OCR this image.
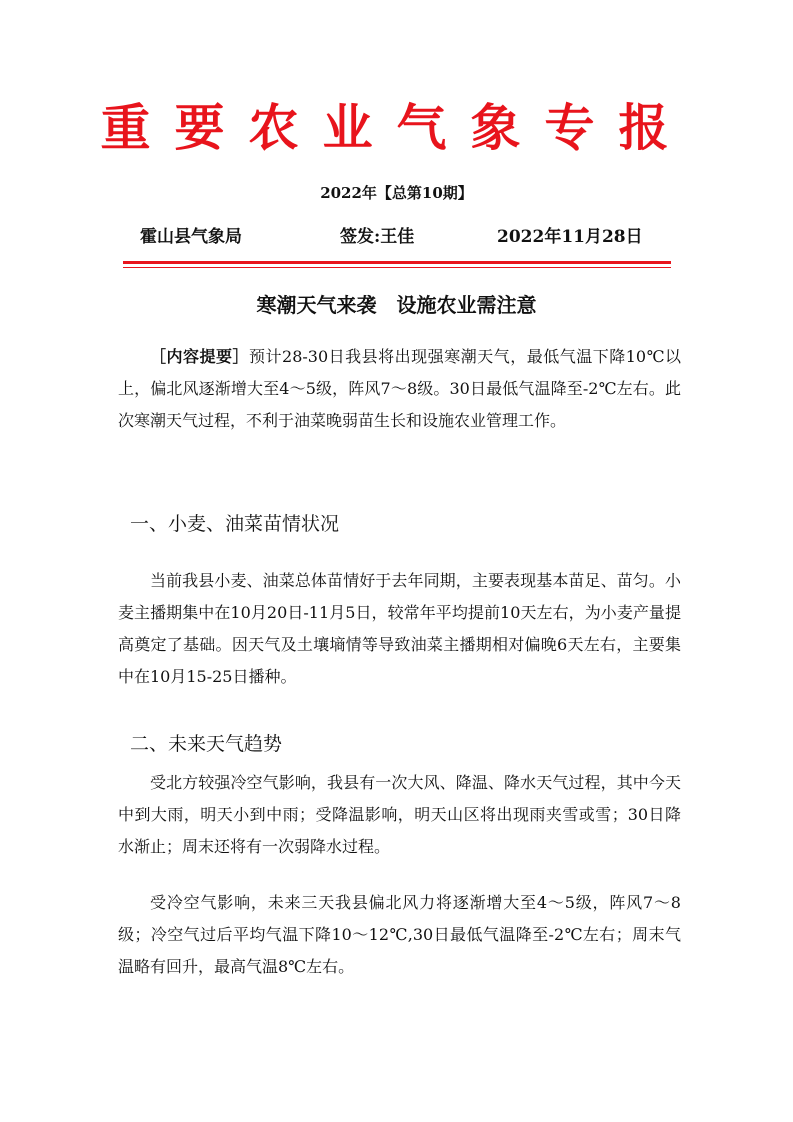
重要农业气象专报
2022年【总第10期】
霍山县气象局	签发:王佳	2022年11月28日
寒潮天气来袭　设施农业需注意

［内容提要］预计28-30日我县将出现强寒潮天气，最低气温下降10℃以上，偏北风逐渐增大至4～5级，阵风7～8级。30日最低气温降至-2℃左右。此次寒潮天气过程，不利于油菜晚弱苗生长和设施农业管理工作。

一、小麦、油菜苗情状况

当前我县小麦、油菜总体苗情好于去年同期，主要表现基本苗足、苗匀。小麦主播期集中在10月20日-11月5日，较常年平均提前10天左右，为小麦产量提高奠定了基础。因天气及土壤墒情等导致油菜主播期相对偏晚6天左右，主要集中在10月15-25日播种。

二、未来天气趋势

受北方较强冷空气影响，我县有一次大风、降温、降水天气过程，其中今天中到大雨，明天小到中雨；受降温影响，明天山区将出现雨夹雪或雪；30日降水渐止；周末还将有一次弱降水过程。

受冷空气影响，未来三天我县偏北风力将逐渐增大至4～5级，阵风7～8级；冷空气过后平均气温下降10～12℃,30日最低气温降至-2℃左右；周末气温略有回升，最高气温8℃左右。
